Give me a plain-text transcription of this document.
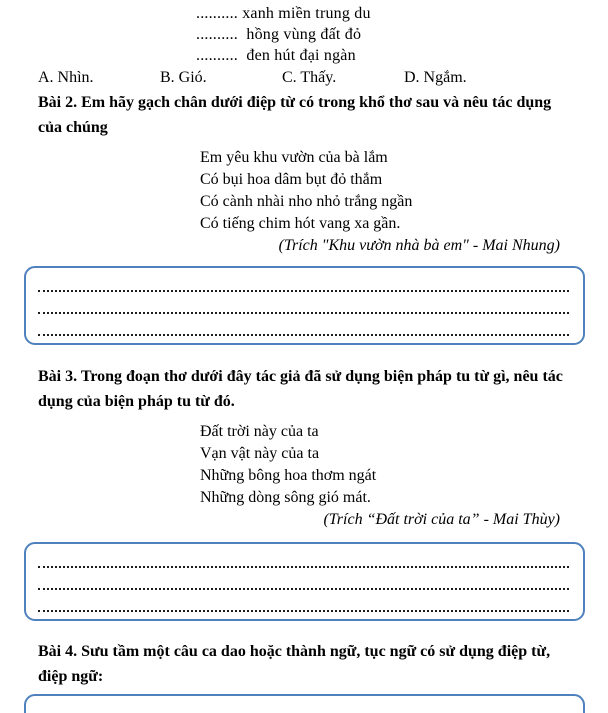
.......... xanh miền trung du
..........  hồng vùng đất đỏ
..........  đen hút đại ngàn
A. Nhìn.	B. Gió.	C. Thấy.	D. Ngắm.
Bài 2. Em hãy gạch chân dưới điệp từ có trong khổ thơ sau và nêu tác dụng của chúng
Em yêu khu vườn của bà lắm
Có bụi hoa dâm bụt đỏ thắm
Có cành nhài nho nhỏ trắng ngần
Có tiếng chim hót vang xa gần.
(Trích "Khu vườn nhà bà em" - Mai Nhung)
Bài 3. Trong đoạn thơ dưới đây tác giả đã sử dụng biện pháp tu từ gì, nêu tác dụng của biện pháp tu từ đó.
Đất trời này của ta
Vạn vật này của ta
Những bông hoa thơm ngát
Những dòng sông gió mát.
(Trích “Đất trời của ta” - Mai Thùy)
Bài 4. Sưu tầm một câu ca dao hoặc thành ngữ, tục ngữ có sử dụng điệp từ, điệp ngữ:
